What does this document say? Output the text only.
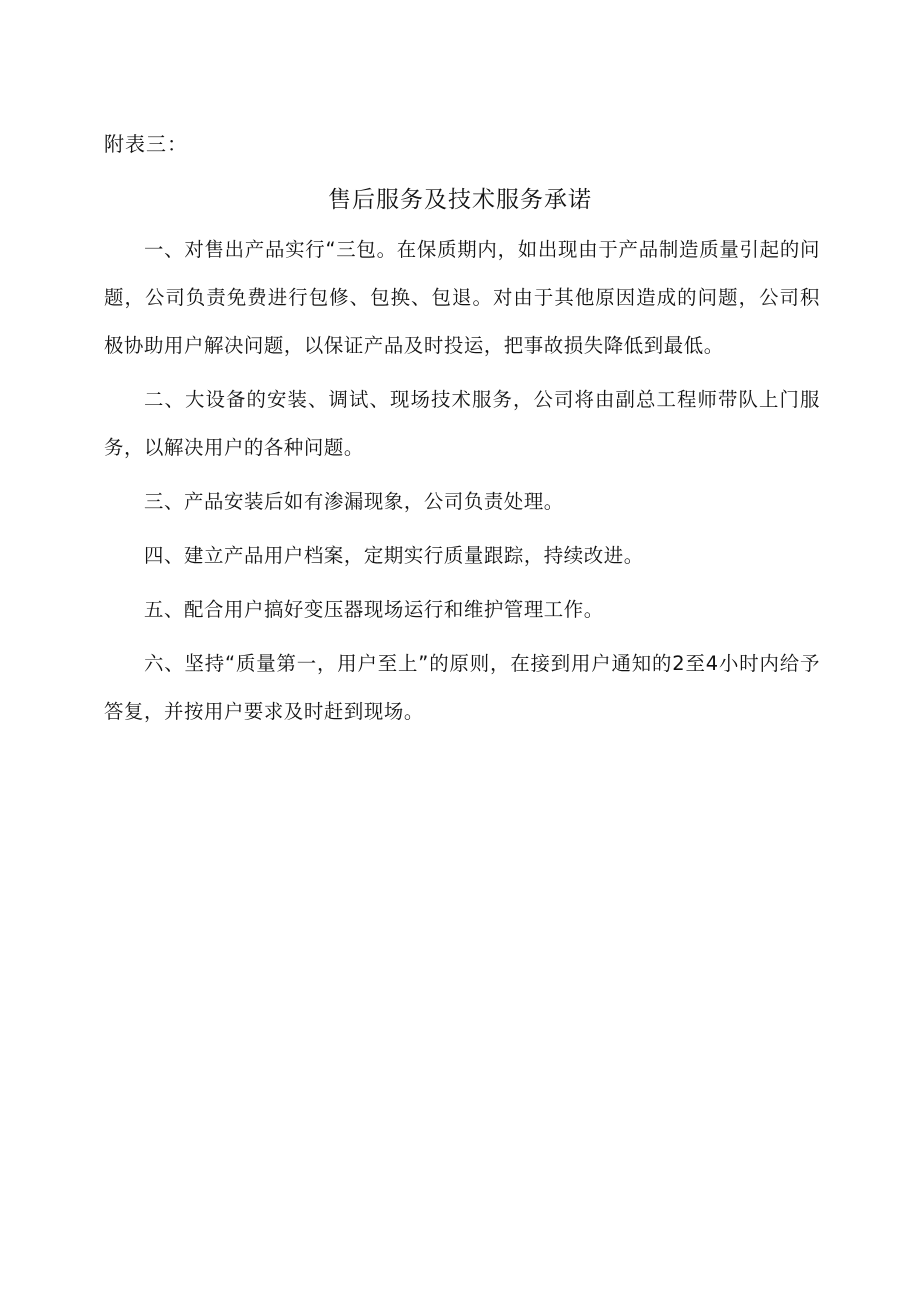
附表三：
售后服务及技术服务承诺

一、对售出产品实行“三包。在保质期内，如出现由于产品制造质量引起的问题，公司负责免费进行包修、包换、包退。对由于其他原因造成的问题，公司积极协助用户解决问题，以保证产品及时投运，把事故损失降低到最低。

二、大设备的安装、调试、现场技术服务，公司将由副总工程师带队上门服务，以解决用户的各种问题。

三、产品安装后如有渗漏现象，公司负责处理。

四、建立产品用户档案，定期实行质量跟踪，持续改进。

五、配合用户搞好变压器现场运行和维护管理工作。

六、坚持“质量第一，用户至上”的原则，在接到用户通知的2至4小时内给予答复，并按用户要求及时赶到现场。
